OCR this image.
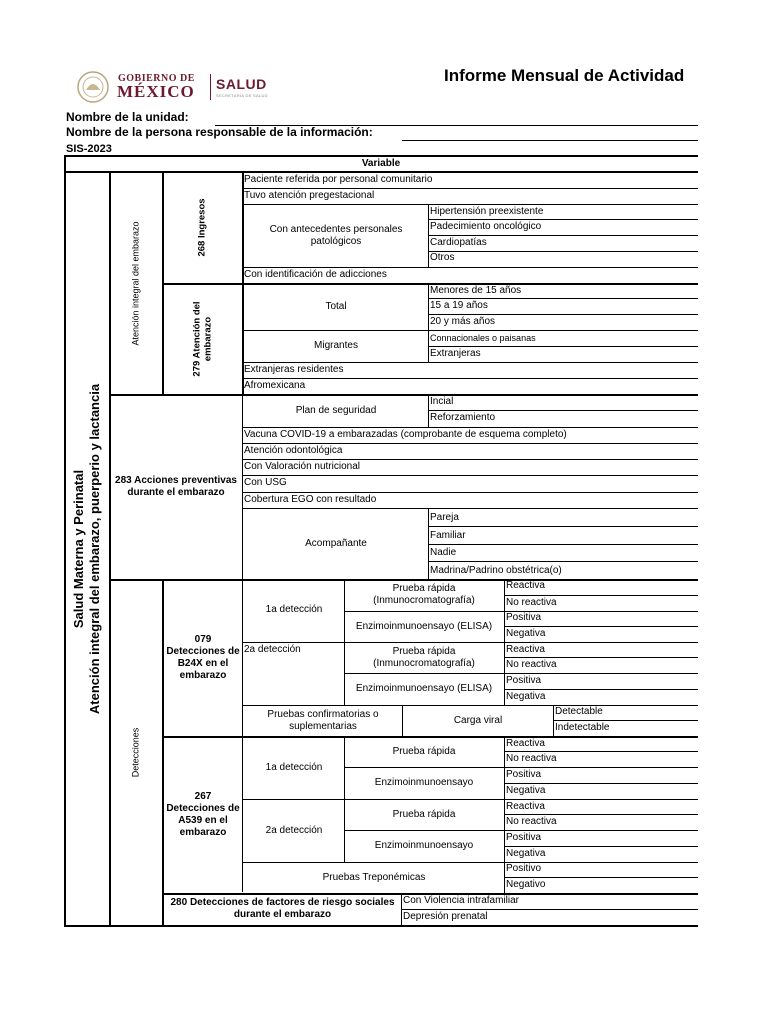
GOBIERNO DE
MÉXICO SALUD
SECRETARÍA DE SALUD
Informe Mensual de Actividad
Nombre de la unidad:
Nombre de la persona responsable de la información:
SIS-2023
Variable
Salud Materna y Perinatal
Atención integral del embarazo, puerperio y lactancia
Atención integral del embarazo
Detecciones
268 Ingresos
279 Atención del embarazo
Paciente referida por personal comunitario
Tuvo atención pregestacional
Con antecedentes personales patológicos
Hipertensión preexistente
Padecimiento oncológico
Cardiopatías
Otros
Con identificación de adicciones
Total
Menores de 15 años
15 a 19 años
20 y más años
Migrantes
Connacionales o paisanas
Extranjeras
Extranjeras residentes
Afromexicana
283 Acciones preventivas durante el embarazo
Plan de seguridad
Incial
Reforzamiento
Vacuna COVID-19 a embarazadas (comprobante de esquema completo)
Atención odontológica
Con Valoración nutricional
Con USG
Cobertura EGO con resultado
Acompañante
Pareja
Familiar
Nadie
Madrina/Padrino obstétrica(o)
079 Detecciones de B24X en el embarazo
1a detección
Prueba rápida (Inmunocromatografía)
Reactiva
No reactiva
Enzimoinmunoensayo (ELISA)
Positiva
Negativa
2a detección	Prueba rápida (Inmunocromatografía)
Reactiva
No reactiva
Enzimoinmunoensayo (ELISA)
Positiva
Negativa
Pruebas confirmatorias o suplementarias
Carga viral
Detectable
Indetectable
267 Detecciones de A539 en el embarazo
1a detección
Prueba rápida
Reactiva
No reactiva
Enzimoinmunoensayo
Positiva
Negativa
2a detección
Prueba rápida
Reactiva
No reactiva
Enzimoinmunoensayo
Positiva
Negativa
Pruebas Treponémicas
Positivo
Negativo
280 Detecciones de factores de riesgo sociales durante el embarazo
Con Violencia intrafamiliar
Depresión prenatal
